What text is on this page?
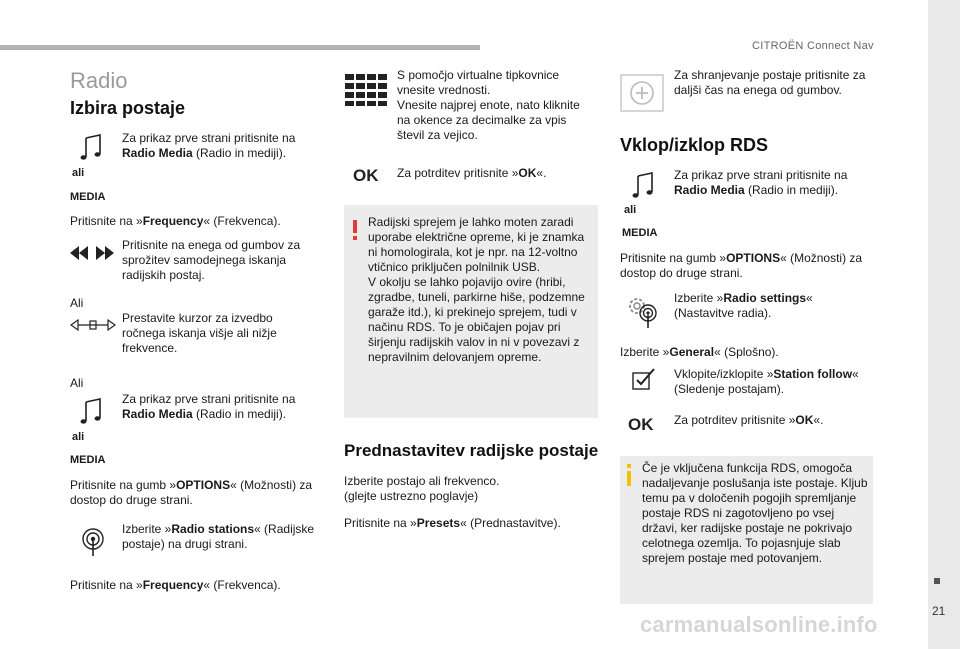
CITROËN Connect Nav
21
carmanualsonline.info
Radio
Izbira postaje
ali
MEDIA
Za prikaz prve strani pritisnite na Radio Media (Radio in mediji).
Pritisnite na »Frequency« (Frekvenca).
Pritisnite na enega od gumbov za sprožitev samodejnega iskanja radijskih postaj.
Ali
Prestavite kurzor za izvedbo ročnega iskanja višje ali nižje frekvence.
Ali
Za prikaz prve strani pritisnite na Radio Media (Radio in mediji).
ali
MEDIA
Pritisnite na gumb »OPTIONS« (Možnosti) za dostop do druge strani.
Izberite »Radio stations« (Radijske postaje) na drugi strani.
Pritisnite na »Frequency« (Frekvenca).
S pomočjo virtualne tipkovnice vnesite vrednosti.
Vnesite najprej enote, nato kliknite na okence za decimalke za vpis števil za vejico.
OK Za potrditev pritisnite »OK«.
Radijski sprejem je lahko moten zaradi uporabe električne opreme, ki je znamka ni homologirala, kot je npr. na 12-voltno vtičnico priključen polnilnik USB.
V okolju se lahko pojavijo ovire (hribi, zgradbe, tuneli, parkirne hiše, podzemne garaže itd.), ki prekinejo sprejem, tudi v načinu RDS. To je običajen pojav pri širjenju radijskih valov in ni v povezavi z nepravilnim delovanjem opreme.
Prednastavitev radijske postaje
Izberite postajo ali frekvenco.
(glejte ustrezno poglavje)
Pritisnite na »Presets« (Prednastavitve).
Za shranjevanje postaje pritisnite za daljši čas na enega od gumbov.
Vklop/izklop RDS
ali
MEDIA
Za prikaz prve strani pritisnite na Radio Media (Radio in mediji).
Pritisnite na gumb »OPTIONS« (Možnosti) za dostop do druge strani.
Izberite »Radio settings« (Nastavitve radia).
Izberite »General« (Splošno).
Vklopite/izklopite »Station follow« (Sledenje postajam).
OK Za potrditev pritisnite »OK«.
Če je vključena funkcija RDS, omogoča nadaljevanje poslušanja iste postaje. Kljub temu pa v določenih pogojih spremljanje postaje RDS ni zagotovljeno po vsej državi, ker radijske postaje ne pokrivajo celotnega ozemlja. To pojasnjuje slab sprejem postaje med potovanjem.
